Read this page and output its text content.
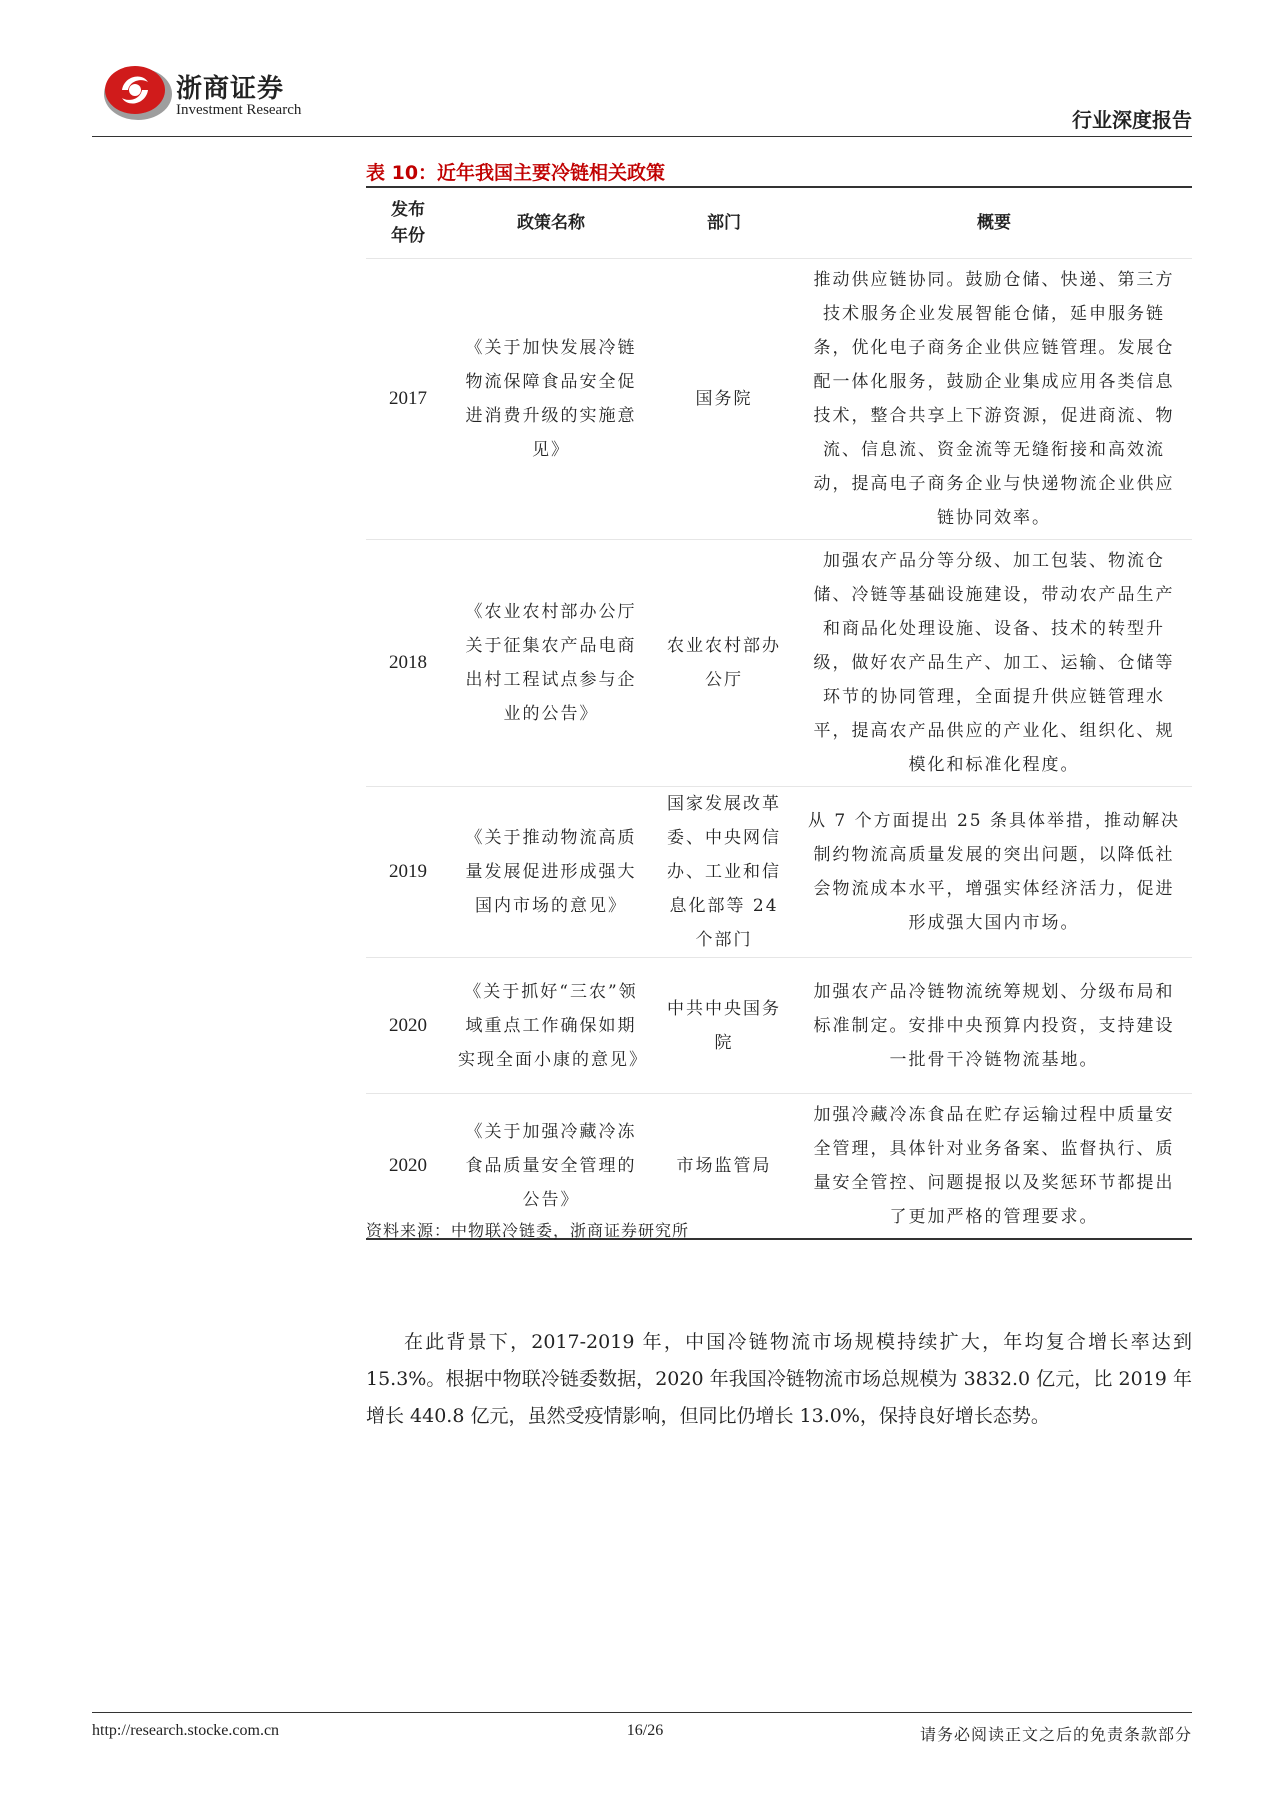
浙商证券
Investment Research	行业深度报告
表 10：近年我国主要冷链相关政策
发布年份	政策名称	部门	概要
2017	《关于加快发展冷链物流保障食品安全促进消费升级的实施意见》	国务院	推动供应链协同。鼓励仓储、快递、第三方技术服务企业发展智能仓储，延申服务链条，优化电子商务企业供应链管理。发展仓配一体化服务，鼓励企业集成应用各类信息技术，整合共享上下游资源，促进商流、物流、信息流、资金流等无缝衔接和高效流动，提高电子商务企业与快递物流企业供应链协同效率。
2018	《农业农村部办公厅关于征集农产品电商出村工程试点参与企业的公告》	农业农村部办公厅	加强农产品分等分级、加工包装、物流仓储、冷链等基础设施建设，带动农产品生产和商品化处理设施、设备、技术的转型升级，做好农产品生产、加工、运输、仓储等环节的协同管理，全面提升供应链管理水平，提高农产品供应的产业化、组织化、规模化和标准化程度。
2019	《关于推动物流高质量发展促进形成强大国内市场的意见》	国家发展改革委、中央网信办、工业和信息化部等 24 个部门	从 7 个方面提出 25 条具体举措，推动解决制约物流高质量发展的突出问题，以降低社会物流成本水平，增强实体经济活力，促进形成强大国内市场。
2020	《关于抓好“三农”领域重点工作确保如期实现全面小康的意见》	中共中央国务院	加强农产品冷链物流统筹规划、分级布局和标准制定。安排中央预算内投资，支持建设一批骨干冷链物流基地。
2020	《关于加强冷藏冷冻食品质量安全管理的公告》	市场监管局	加强冷藏冷冻食品在贮存运输过程中质量安全管理，具体针对业务备案、监督执行、质量安全管控、问题提报以及奖惩环节都提出了更加严格的管理要求。
资料来源：中物联冷链委，浙商证券研究所

在此背景下，2017-2019 年，中国冷链物流市场规模持续扩大，年均复合增长率达到 15.3%。根据中物联冷链委数据，2020 年我国冷链物流市场总规模为 3832.0 亿元，比 2019 年增长 440.8 亿元，虽然受疫情影响，但同比仍增长 13.0%，保持良好增长态势。

http://research.stocke.com.cn	16/26	请务必阅读正文之后的免责条款部分
